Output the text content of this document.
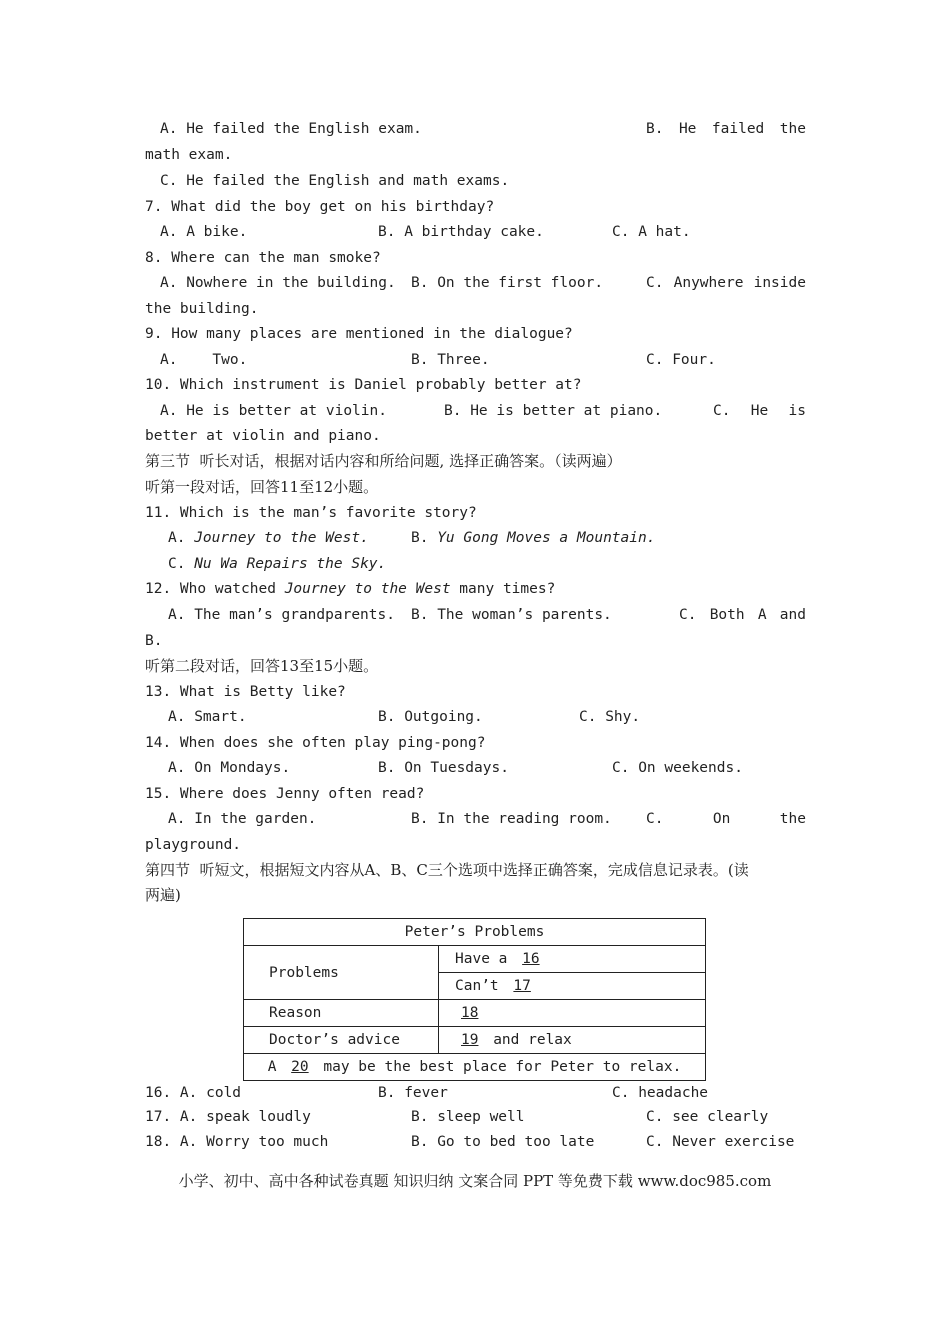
A. He failed the English exam.	B. He failed the
math exam.
C. He failed the English and math exams.
7. What did the boy get on his birthday?
A. A bike.	B. A birthday cake.	C. A hat.
8. Where can the man smoke?
A. Nowhere in the building. B. On the first floor.	C. Anywhere inside
the building.
9. How many places are mentioned in the dialogue?
A.    Two.	B. Three.	C. Four.
10. Which instrument is Daniel probably better at?
A. He is better at violin.	B. He is better at piano.	C. He is
better at violin and piano.
第三节  听长对话，根据对话内容和所给问题, 选择正确答案。（读两遍）
听第一段对话，回答11至12小题。
11. Which is the man’s favorite story?
A. Journey to the West.	B. Yu Gong Moves a Mountain.
C. Nu Wa Repairs the Sky.
12. Who watched Journey to the West many times?
A. The man’s grandparents. B. The woman’s parents.	C. Both A and
B.
听第二段对话，回答13至15小题。
13. What is Betty like?
A. Smart.	B. Outgoing.	C. Shy.
14. When does she often play ping-pong?
A. On Mondays.	B. On Tuesdays.	C. On weekends.
15. Where does Jenny often read?
A. In the garden.	B. In the reading room. C.	On	the
playground.
第四节  听短文，根据短文内容从A、B、C三个选项中选择正确答案，完成信息记录表。(读
两遍)
Peter’s Problems	
Problems	Have a 16
	Can’t 17
Reason	18
Doctor’s advice	19 and relax
A 20 may be the best place for Peter to relax.	
16. A. cold	B. fever	C. headache
17. A. speak loudly	B. sleep well	C. see clearly
18. A. Worry too much	B. Go to bed too late	C. Never exercise
小学、初中、高中各种试卷真题 知识归纳 文案合同 PPT 等免费下载 www.doc985.com
